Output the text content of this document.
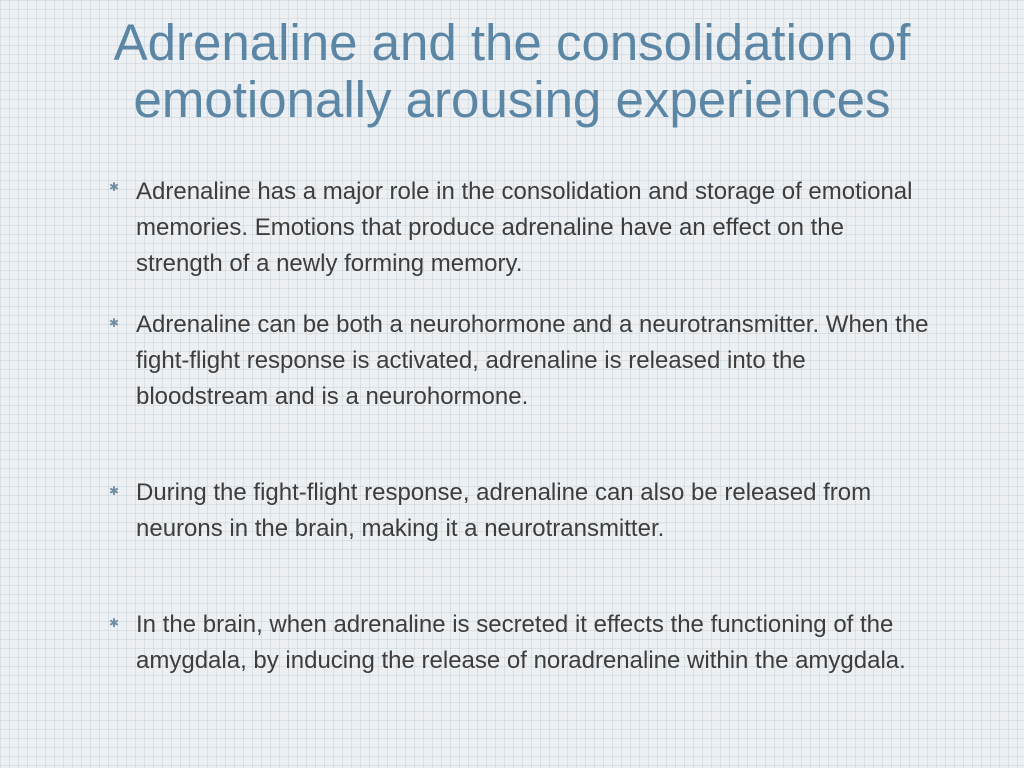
Adrenaline and the consolidation of emotionally arousing experiences
✱ Adrenaline has a major role in the consolidation and storage of emotional memories. Emotions that produce adrenaline have an effect on the strength of a newly forming memory.

✱ Adrenaline can be both a neurohormone and a neurotransmitter. When the fight-flight response is activated, adrenaline is released into the bloodstream and is a neurohormone.

✱ During the fight-flight response, adrenaline can also be released from neurons in the brain, making it a neurotransmitter.

✱ In the brain, when adrenaline is secreted it effects the functioning of the amygdala, by inducing the release of noradrenaline within the amygdala.
